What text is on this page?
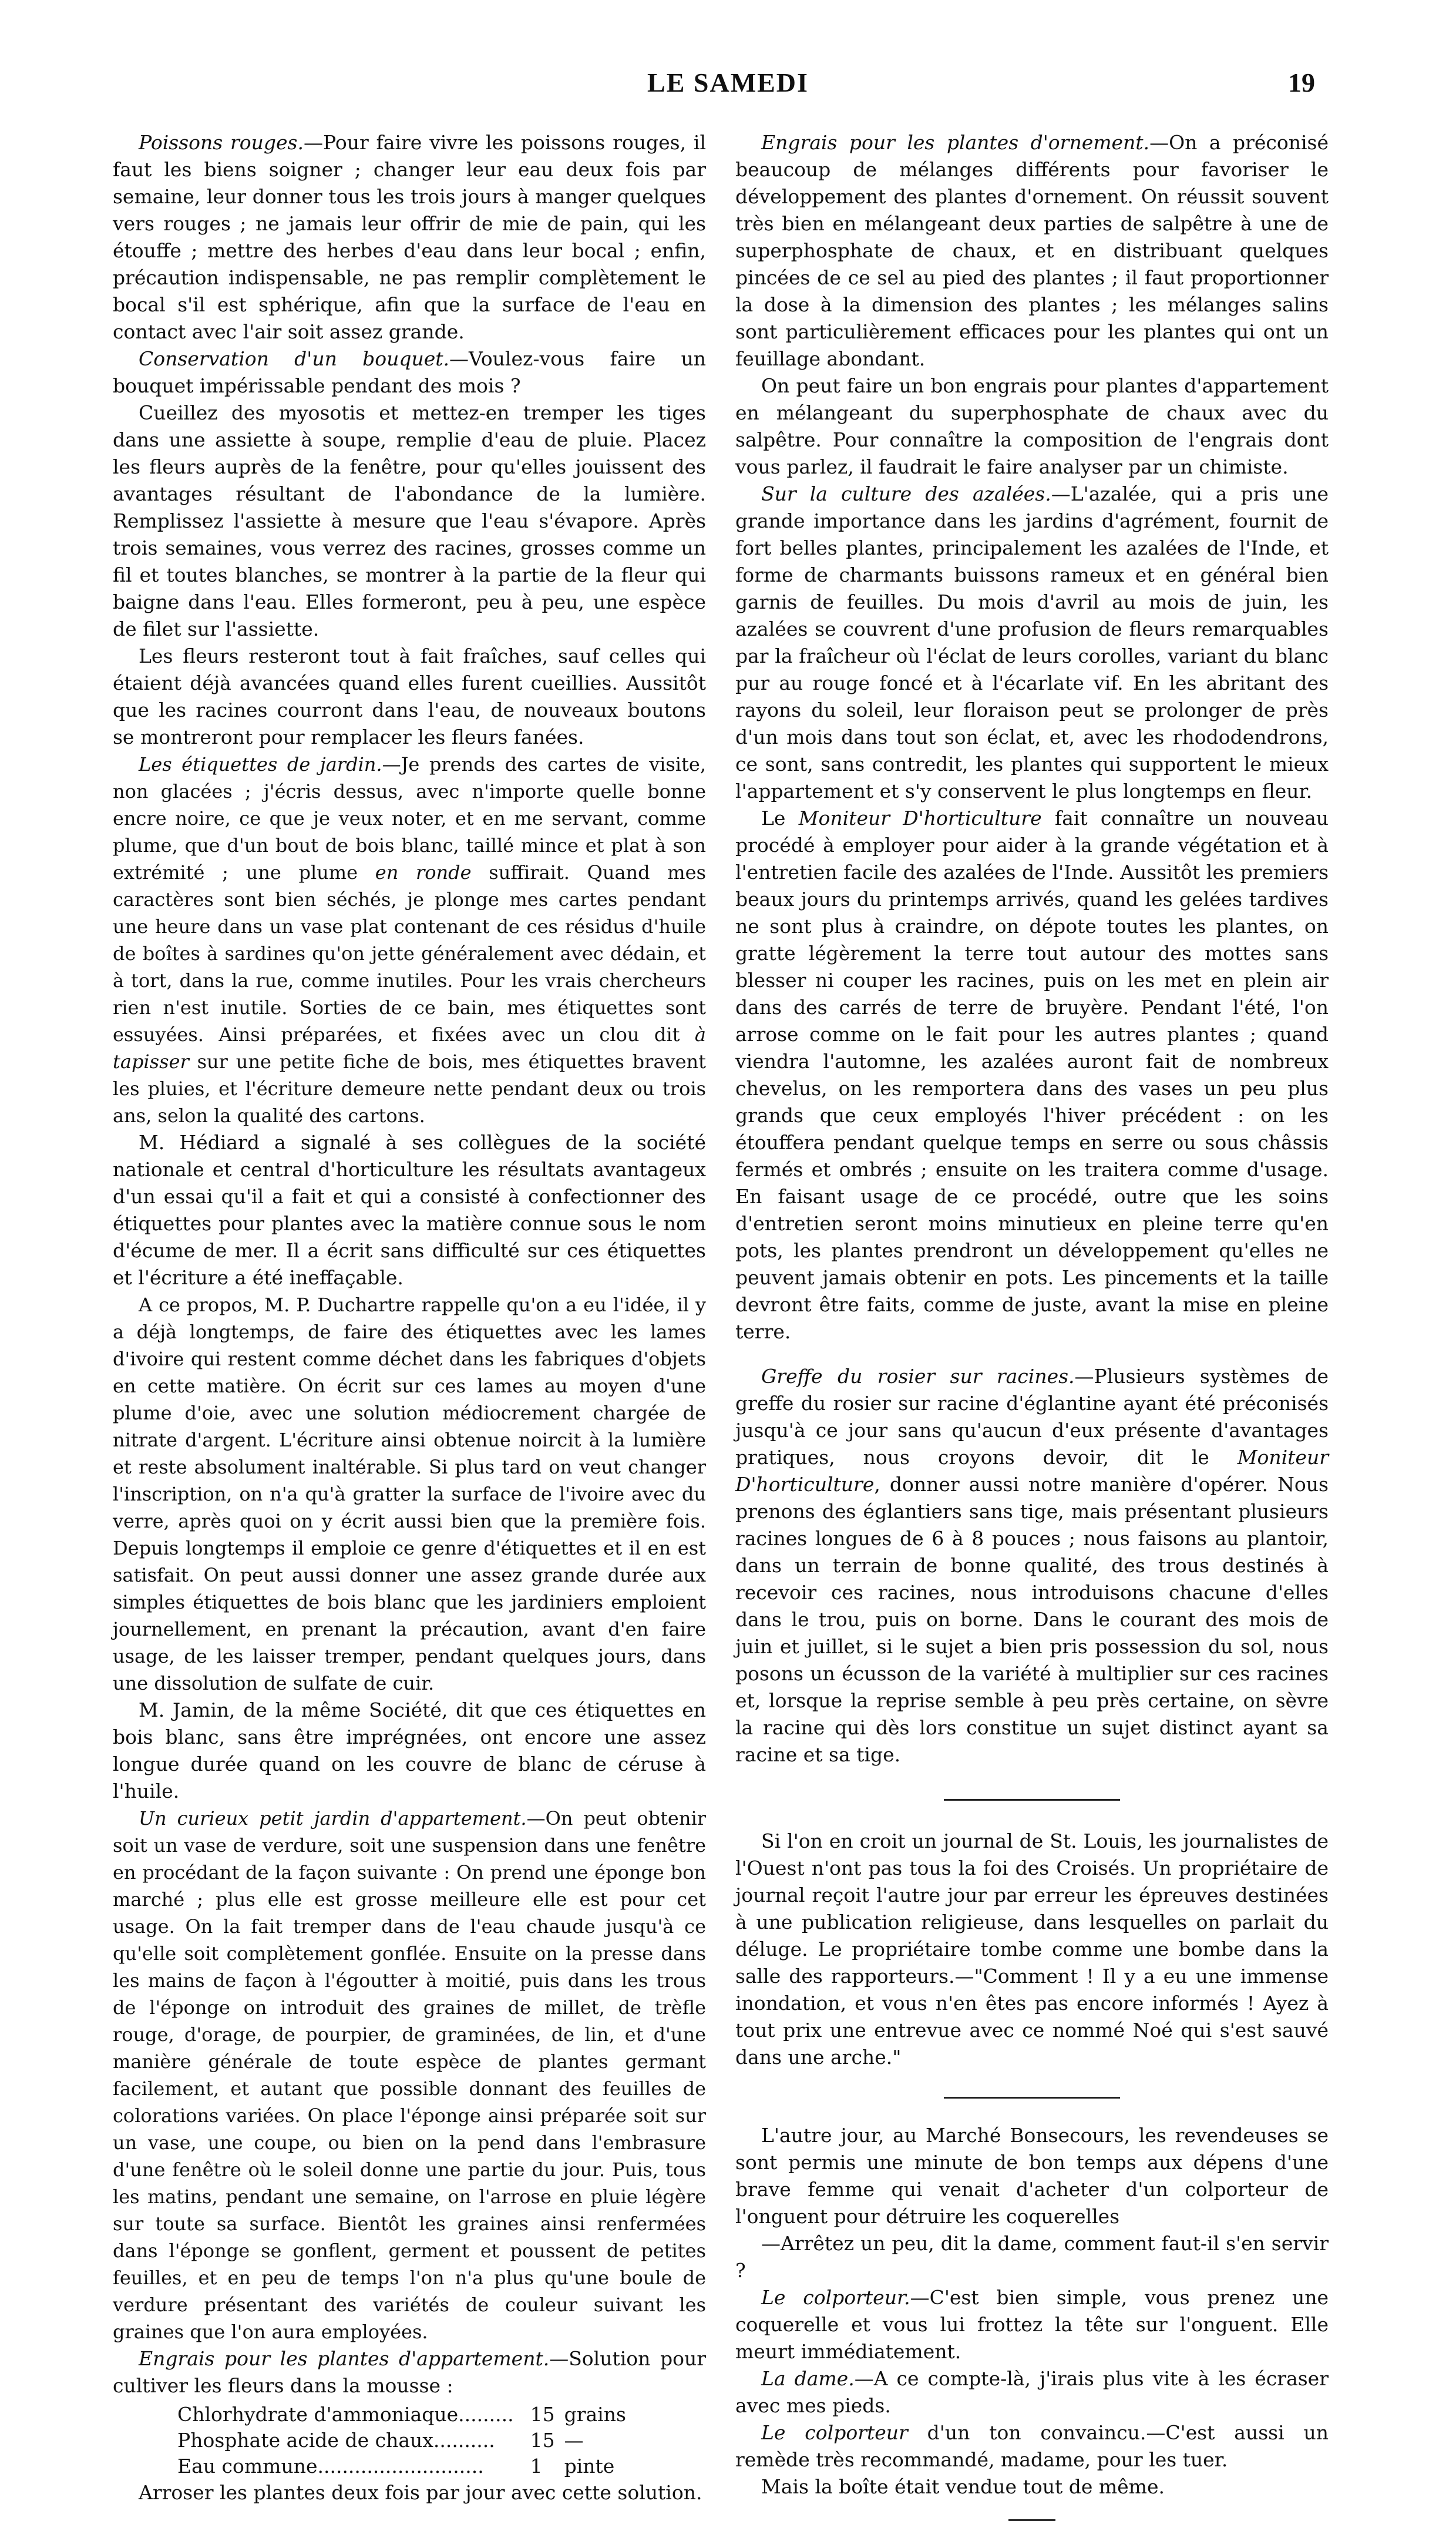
LE SAMEDI	19

Poissons rouges.—Pour faire vivre les poissons rouges, il faut les biens soigner ; changer leur eau deux fois par semaine, leur donner tous les trois jours à manger quelques vers rouges ; ne jamais leur offrir de mie de pain, qui les étouffe ; mettre des herbes d'eau dans leur bocal ; enfin, précaution indispensable, ne pas remplir complètement le bocal s'il est sphérique, afin que la surface de l'eau en contact avec l'air soit assez grande.

Conservation d'un bouquet.—Voulez-vous faire un bouquet impérissable pendant des mois ?

Cueillez des myosotis et mettez-en tremper les tiges dans une assiette à soupe, remplie d'eau de pluie. Placez les fleurs auprès de la fenêtre, pour qu'elles jouissent des avantages résultant de l'abondance de la lumière. Remplissez l'assiette à mesure que l'eau s'évapore. Après trois semaines, vous verrez des racines, grosses comme un fil et toutes blanches, se montrer à la partie de la fleur qui baigne dans l'eau. Elles formeront, peu à peu, une espèce de filet sur l'assiette.

Les fleurs resteront tout à fait fraîches, sauf celles qui étaient déjà avancées quand elles furent cueillies. Aussitôt que les racines courront dans l'eau, de nouveaux boutons se montreront pour remplacer les fleurs fanées.

Les étiquettes de jardin.—Je prends des cartes de visite, non glacées ; j'écris dessus, avec n'importe quelle bonne encre noire, ce que je veux noter, et en me servant, comme plume, que d'un bout de bois blanc, taillé mince et plat à son extrémité ; une plume en ronde suffirait. Quand mes caractères sont bien séchés, je plonge mes cartes pendant une heure dans un vase plat contenant de ces résidus d'huile de boîtes à sardines qu'on jette généralement avec dédain, et à tort, dans la rue, comme inutiles. Pour les vrais chercheurs rien n'est inutile. Sorties de ce bain, mes étiquettes sont essuyées. Ainsi préparées, et fixées avec un clou dit à tapisser sur une petite fiche de bois, mes étiquettes bravent les pluies, et l'écriture demeure nette pendant deux ou trois ans, selon la qualité des cartons.

M. Hédiard a signalé à ses collègues de la société nationale et central d'horticulture les résultats avantageux d'un essai qu'il a fait et qui a consisté à confectionner des étiquettes pour plantes avec la matière connue sous le nom d'écume de mer. Il a écrit sans difficulté sur ces étiquettes et l'écriture a été ineffaçable.

A ce propos, M. P. Duchartre rappelle qu'on a eu l'idée, il y a déjà longtemps, de faire des étiquettes avec les lames d'ivoire qui restent comme déchet dans les fabriques d'objets en cette matière. On écrit sur ces lames au moyen d'une plume d'oie, avec une solution médiocrement chargée de nitrate d'argent. L'écriture ainsi obtenue noircit à la lumière et reste absolument inaltérable. Si plus tard on veut changer l'inscription, on n'a qu'à gratter la surface de l'ivoire avec du verre, après quoi on y écrit aussi bien que la première fois. Depuis longtemps il emploie ce genre d'étiquettes et il en est satisfait. On peut aussi donner une assez grande durée aux simples étiquettes de bois blanc que les jardiniers emploient journellement, en prenant la précaution, avant d'en faire usage, de les laisser tremper, pendant quelques jours, dans une dissolution de sulfate de cuir.

M. Jamin, de la même Société, dit que ces étiquettes en bois blanc, sans être imprégnées, ont encore une assez longue durée quand on les couvre de blanc de céruse à l'huile.

Un curieux petit jardin d'appartement.—On peut obtenir soit un vase de verdure, soit une suspension dans une fenêtre en procédant de la façon suivante : On prend une éponge bon marché ; plus elle est grosse meilleure elle est pour cet usage. On la fait tremper dans de l'eau chaude jusqu'à ce qu'elle soit complètement gonflée. Ensuite on la presse dans les mains de façon à l'égoutter à moitié, puis dans les trous de l'éponge on introduit des graines de millet, de trèfle rouge, d'orage, de pourpier, de graminées, de lin, et d'une manière générale de toute espèce de plantes germant facilement, et autant que possible donnant des feuilles de colorations variées. On place l'éponge ainsi préparée soit sur un vase, une coupe, ou bien on la pend dans l'embrasure d'une fenêtre où le soleil donne une partie du jour. Puis, tous les matins, pendant une semaine, on l'arrose en pluie légère sur toute sa surface. Bientôt les graines ainsi renfermées dans l'éponge se gonflent, germent et poussent de petites feuilles, et en peu de temps l'on n'a plus qu'une boule de verdure présentant des variétés de couleur suivant les graines que l'on aura employées.

Engrais pour les plantes d'appartement.—Solution pour cultiver les fleurs dans la mousse :

Chlorhydrate d'ammoniaque.........	15	grains
Phosphate acide de chaux..........	15	—
Eau commune...........................	1	pinte

Arroser les plantes deux fois par jour avec cette solution.

Engrais pour les plantes d'ornement.—On a préconisé beaucoup de mélanges différents pour favoriser le développement des plantes d'ornement. On réussit souvent très bien en mélangeant deux parties de salpêtre à une de superphosphate de chaux, et en distribuant quelques pincées de ce sel au pied des plantes ; il faut proportionner la dose à la dimension des plantes ; les mélanges salins sont particulièrement efficaces pour les plantes qui ont un feuillage abondant.

On peut faire un bon engrais pour plantes d'appartement en mélangeant du superphosphate de chaux avec du salpêtre. Pour connaître la composition de l'engrais dont vous parlez, il faudrait le faire analyser par un chimiste.

Sur la culture des azalées.—L'azalée, qui a pris une grande importance dans les jardins d'agrément, fournit de fort belles plantes, principalement les azalées de l'Inde, et forme de charmants buissons rameux et en général bien garnis de feuilles. Du mois d'avril au mois de juin, les azalées se couvrent d'une profusion de fleurs remarquables par la fraîcheur où l'éclat de leurs corolles, variant du blanc pur au rouge foncé et à l'écarlate vif. En les abritant des rayons du soleil, leur floraison peut se prolonger de près d'un mois dans tout son éclat, et, avec les rhododendrons, ce sont, sans contredit, les plantes qui supportent le mieux l'appartement et s'y conservent le plus longtemps en fleur.

Le Moniteur D'horticulture fait connaître un nouveau procédé à employer pour aider à la grande végétation et à l'entretien facile des azalées de l'Inde. Aussitôt les premiers beaux jours du printemps arrivés, quand les gelées tardives ne sont plus à craindre, on dépote toutes les plantes, on gratte légèrement la terre tout autour des mottes sans blesser ni couper les racines, puis on les met en plein air dans des carrés de terre de bruyère. Pendant l'été, l'on arrose comme on le fait pour les autres plantes ; quand viendra l'automne, les azalées auront fait de nombreux chevelus, on les remportera dans des vases un peu plus grands que ceux employés l'hiver précédent : on les étouffera pendant quelque temps en serre ou sous châssis fermés et ombrés ; ensuite on les traitera comme d'usage. En faisant usage de ce procédé, outre que les soins d'entretien seront moins minutieux en pleine terre qu'en pots, les plantes prendront un développement qu'elles ne peuvent jamais obtenir en pots. Les pincements et la taille devront être faits, comme de juste, avant la mise en pleine terre.

Greffe du rosier sur racines.—Plusieurs systèmes de greffe du rosier sur racine d'églantine ayant été préconisés jusqu'à ce jour sans qu'aucun d'eux présente d'avantages pratiques, nous croyons devoir, dit le Moniteur D'horticulture, donner aussi notre manière d'opérer. Nous prenons des églantiers sans tige, mais présentant plusieurs racines longues de 6 à 8 pouces ; nous faisons au plantoir, dans un terrain de bonne qualité, des trous destinés à recevoir ces racines, nous introduisons chacune d'elles dans le trou, puis on borne. Dans le courant des mois de juin et juillet, si le sujet a bien pris possession du sol, nous posons un écusson de la variété à multiplier sur ces racines et, lorsque la reprise semble à peu près certaine, on sèvre la racine qui dès lors constitue un sujet distinct ayant sa racine et sa tige.

Si l'on en croit un journal de St. Louis, les journalistes de l'Ouest n'ont pas tous la foi des Croisés. Un propriétaire de journal reçoit l'autre jour par erreur les épreuves destinées à une publication religieuse, dans lesquelles on parlait du déluge. Le propriétaire tombe comme une bombe dans la salle des rapporteurs.—"Comment ! Il y a eu une immense inondation, et vous n'en êtes pas encore informés ! Ayez à tout prix une entrevue avec ce nommé Noé qui s'est sauvé dans une arche."

L'autre jour, au Marché Bonsecours, les revendeuses se sont permis une minute de bon temps aux dépens d'une brave femme qui venait d'acheter d'un colporteur de l'onguent pour détruire les coquerelles

—Arrêtez un peu, dit la dame, comment faut-il s'en servir ?

Le colporteur.—C'est bien simple, vous prenez une coquerelle et vous lui frottez la tête sur l'onguent. Elle meurt immédiatement.

La dame.—A ce compte-là, j'irais plus vite à les écraser avec mes pieds.

Le colporteur d'un ton convaincu.—C'est aussi un remède très recommandé, madame, pour les tuer.

Mais la boîte était vendue tout de même.
